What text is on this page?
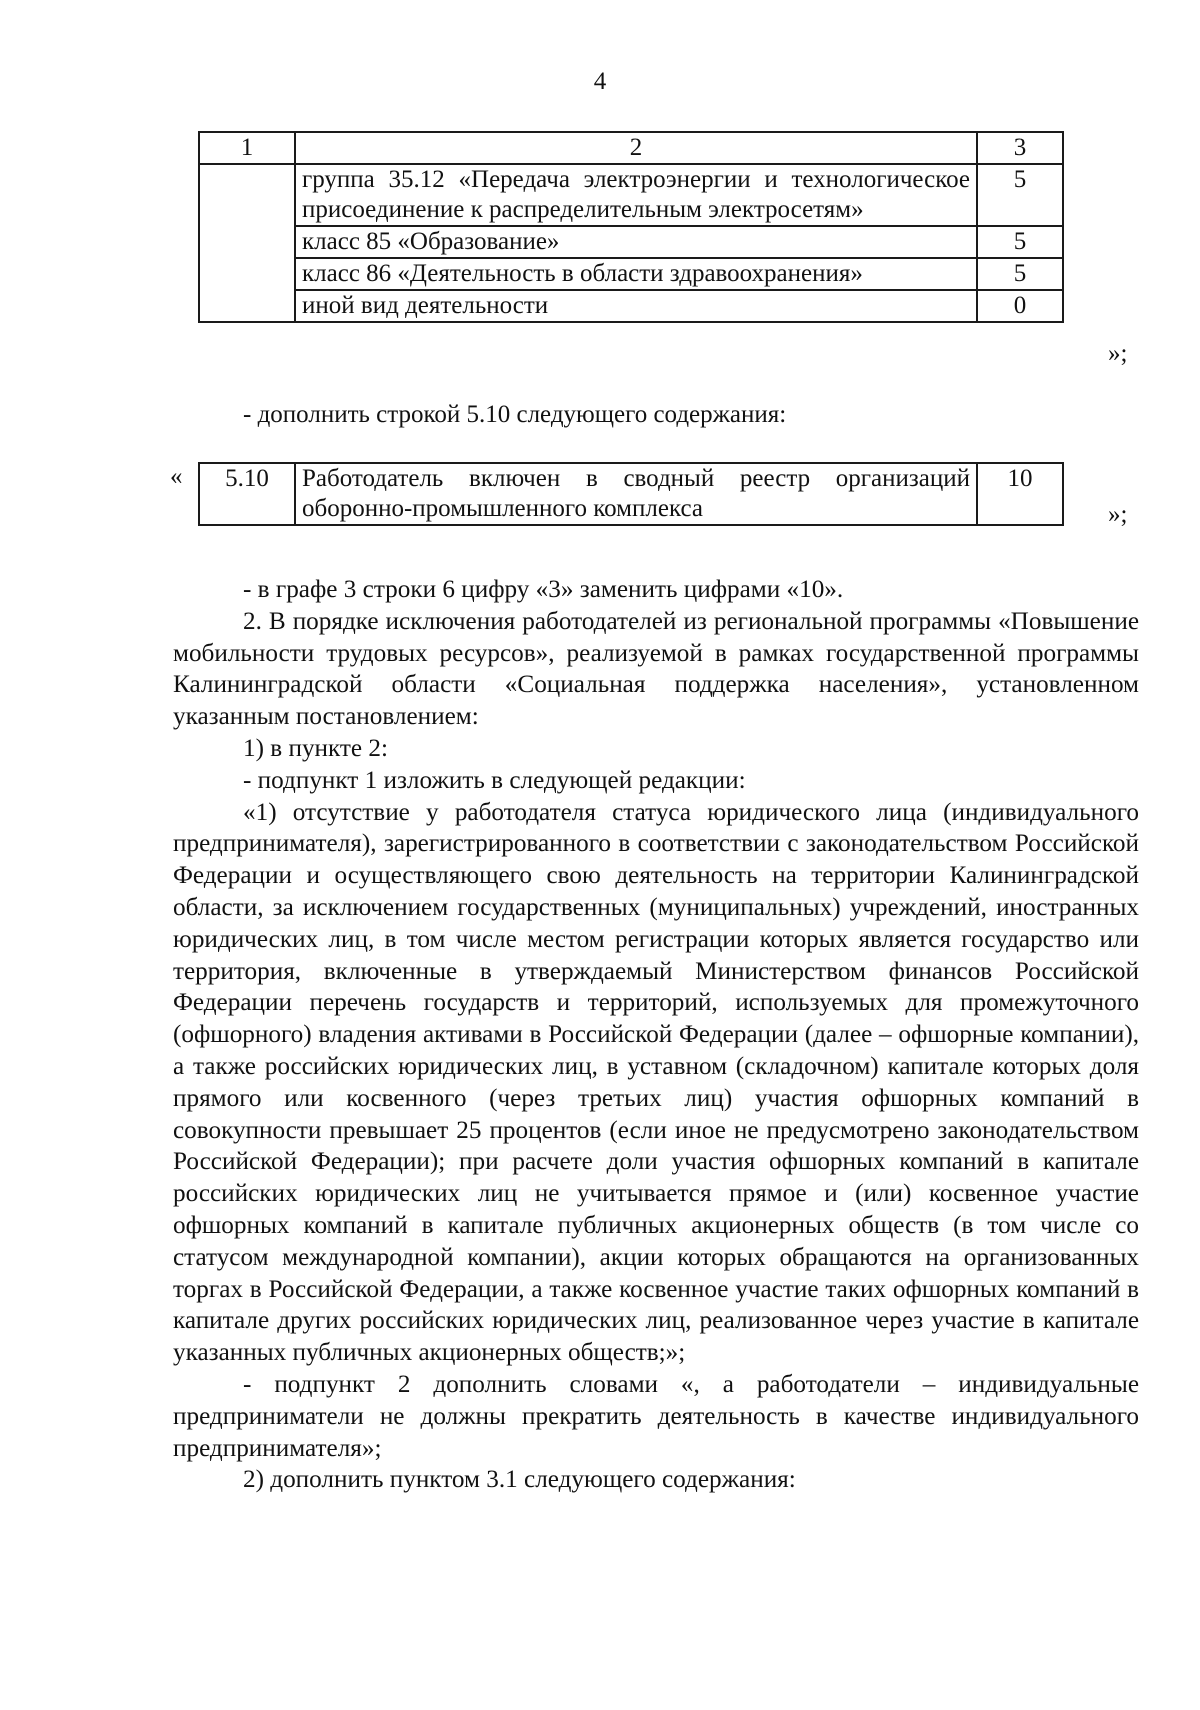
4
1	2	3
	группа 35.12 «Передача электроэнергии и технологическое присоединение к распределительным электросетям»	5
	класс 85 «Образование»	5
	класс 86 «Деятельность в области здравоохранения»	5
	иной вид деятельности	0
»;
- дополнить строкой 5.10 следующего содержания:
« 5.10	Работодатель включен в сводный реестр организаций оборонно-промышленного комплекса	10
»;

- в графе 3 строки 6 цифру «3» заменить цифрами «10».

2. В порядке исключения работодателей из региональной программы «Повышение мобильности трудовых ресурсов», реализуемой в рамках государственной программы Калининградской области «Социальная поддержка населения», установленном указанным постановлением:

1) в пункте 2:

- подпункт 1 изложить в следующей редакции:

«1) отсутствие у работодателя статуса юридического лица (индивидуального предпринимателя), зарегистрированного в соответствии с законодательством Российской Федерации и осуществляющего свою деятельность на территории Калининградской области, за исключением государственных (муниципальных) учреждений, иностранных юридических лиц, в том числе местом регистрации которых является государство или территория, включенные в утверждаемый Министерством финансов Российской Федерации перечень государств и территорий, используемых для промежуточного (офшорного) владения активами в Российской Федерации (далее – офшорные компании), а также российских юридических лиц, в уставном (складочном) капитале которых доля прямого или косвенного (через третьих лиц) участия офшорных компаний в совокупности превышает 25 процентов (если иное не предусмотрено законодательством Российской Федерации); при расчете доли участия офшорных компаний в капитале российских юридических лиц не учитывается прямое и (или) косвенное участие офшорных компаний в капитале публичных акционерных обществ (в том числе со статусом международной компании), акции которых обращаются на организованных торгах в Российской Федерации, а также косвенное участие таких офшорных компаний в капитале других российских юридических лиц, реализованное через участие в капитале указанных публичных акционерных обществ;»;

- подпункт 2 дополнить словами «, а работодатели – индивидуальные предприниматели не должны прекратить деятельность в качестве индивидуального предпринимателя»;

2) дополнить пунктом 3.1 следующего содержания:
